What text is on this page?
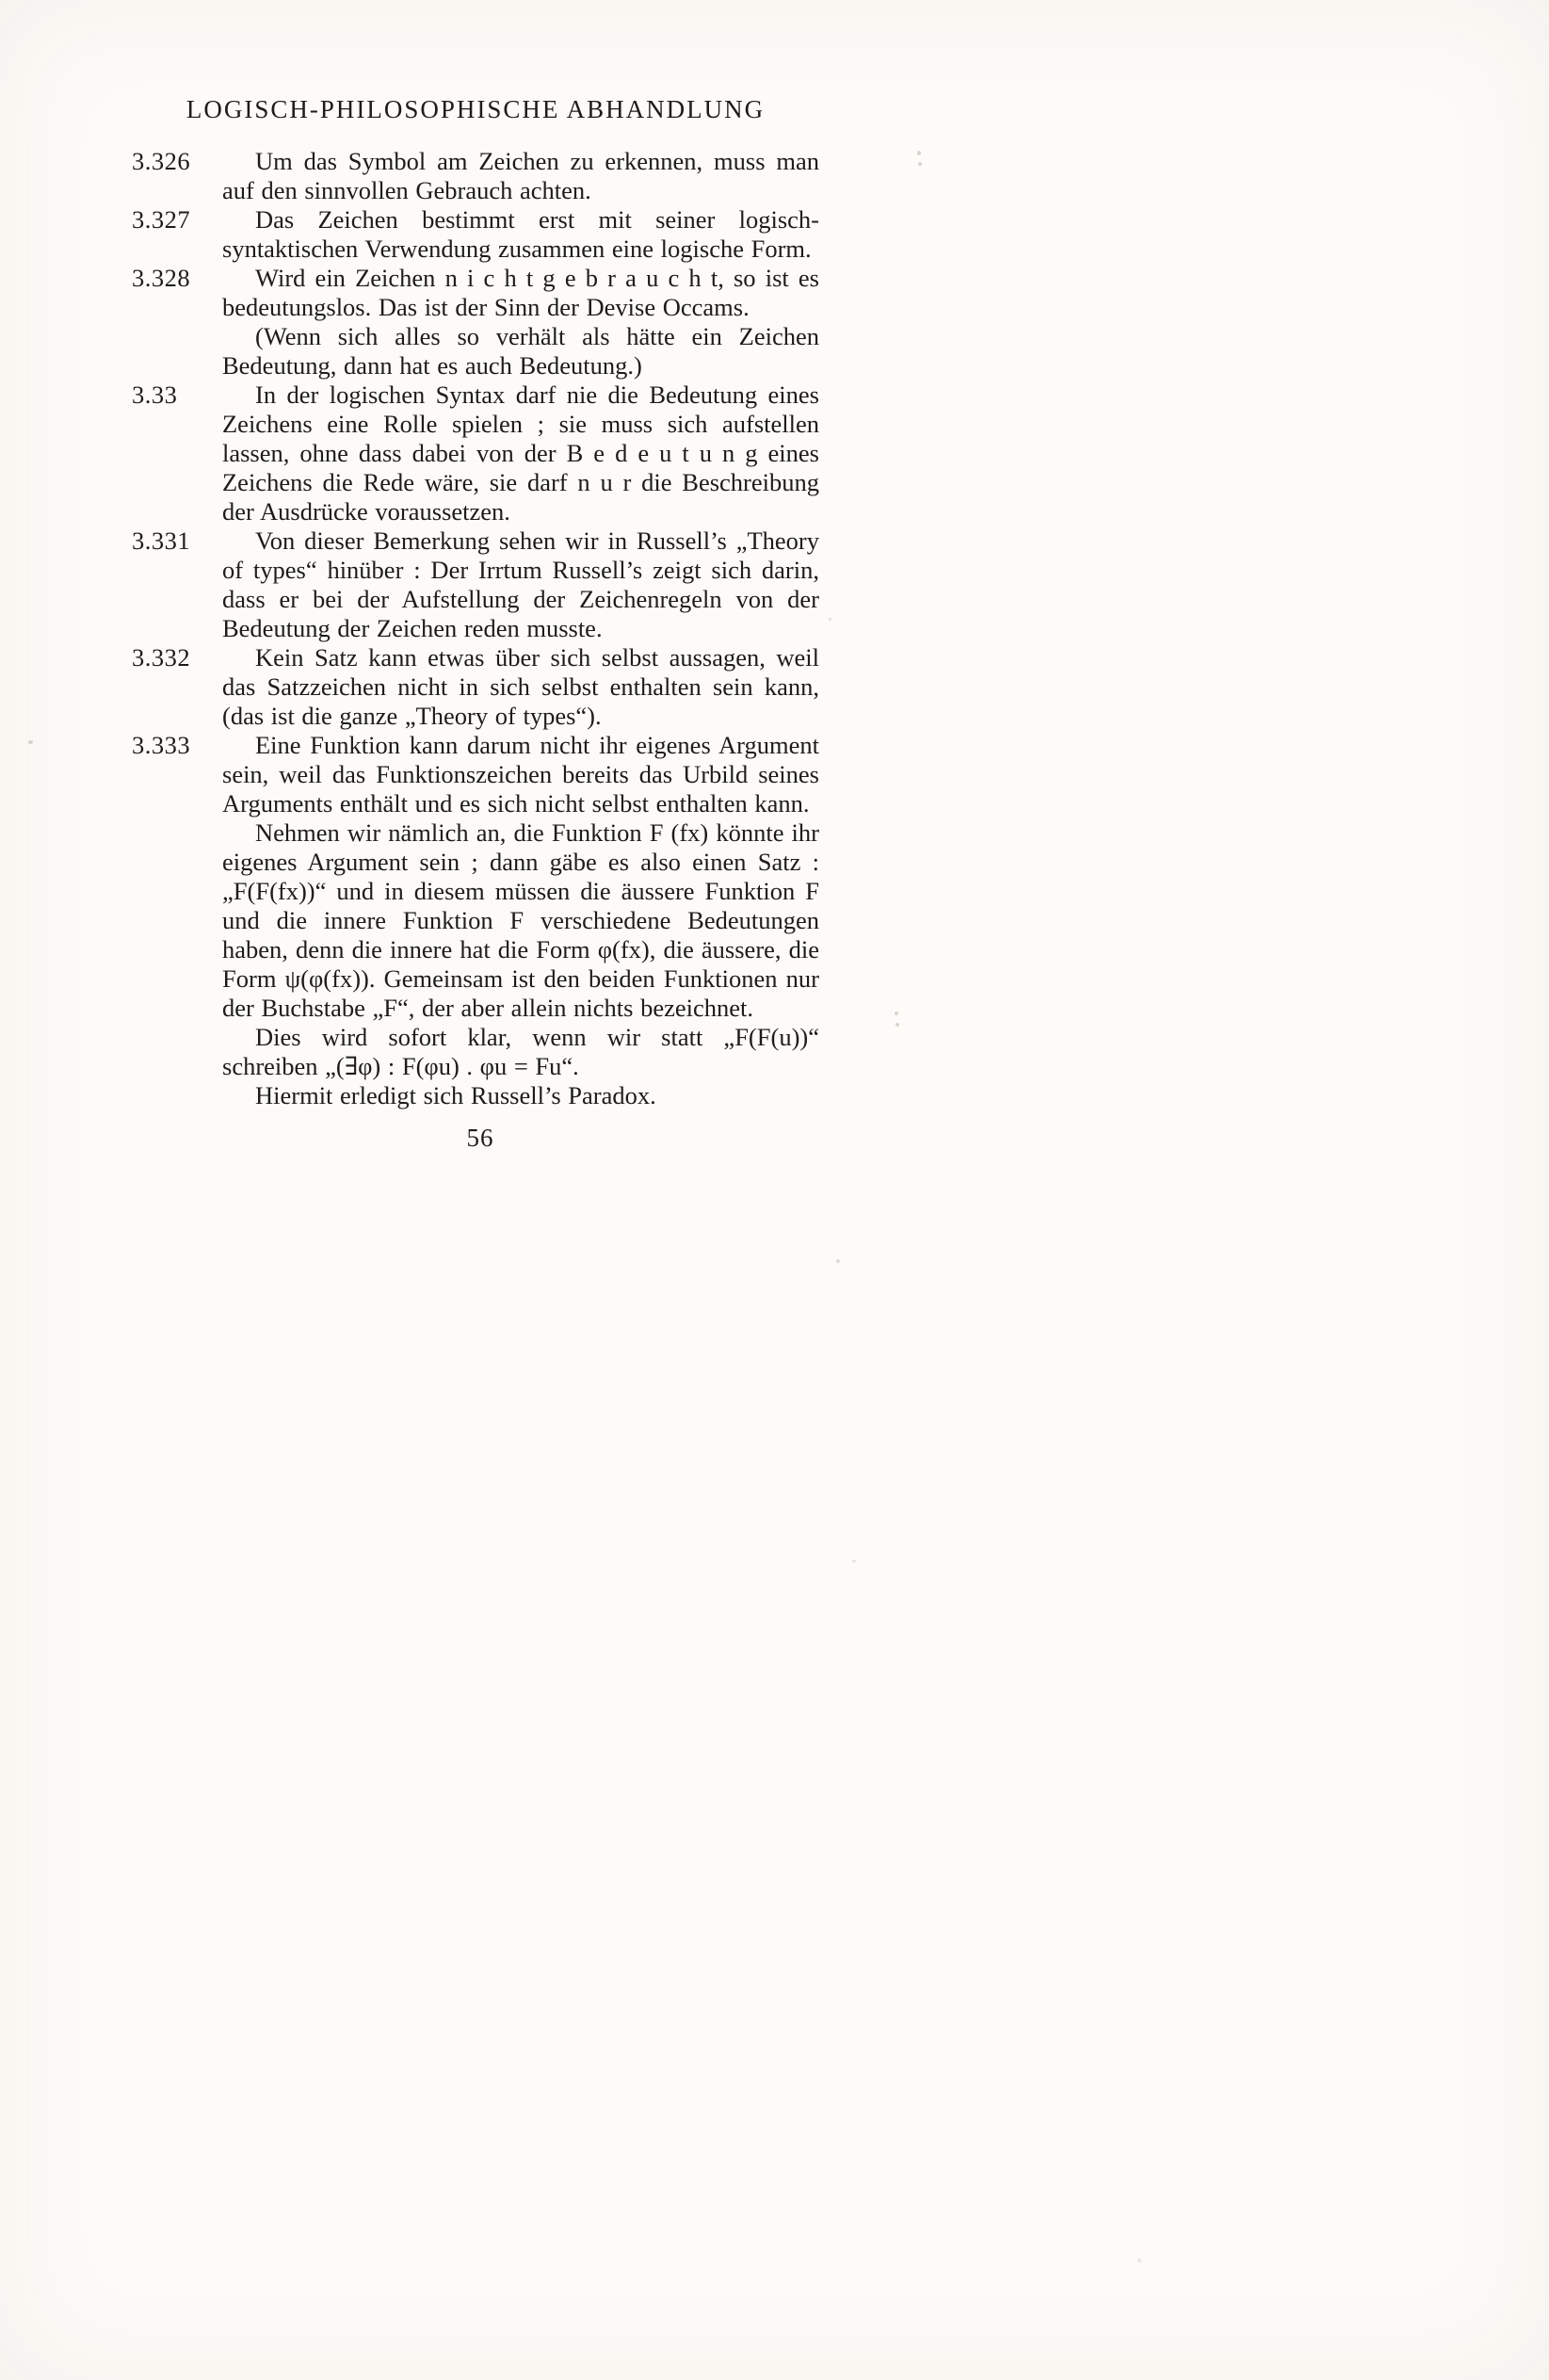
LOGISCH-PHILOSOPHISCHE ABHANDLUNG
3.326	Um das Symbol am Zeichen zu erkennen, muss man auf den sinnvollen Gebrauch achten.

3.327	Das Zeichen bestimmt erst mit seiner logisch-syntaktischen Verwendung zusammen eine logische Form.

3.328	Wird ein Zeichen n i c h t g e b r a u c h t, so ist es bedeutungslos. Das ist der Sinn der Devise Occams.

(Wenn sich alles so verhält als hätte ein Zeichen Bedeutung, dann hat es auch Bedeutung.)

3.33	In der logischen Syntax darf nie die Bedeutung eines Zeichens eine Rolle spielen ; sie muss sich aufstellen lassen, ohne dass dabei von der B e d e u t u n g eines Zeichens die Rede wäre, sie darf n u r die Beschreibung der Ausdrücke voraussetzen.

3.331	Von dieser Bemerkung sehen wir in Russell’s „Theory of types“ hinüber : Der Irrtum Russell’s zeigt sich darin, dass er bei der Aufstellung der Zeichenregeln von der Bedeutung der Zeichen reden musste.

3.332	Kein Satz kann etwas über sich selbst aussagen, weil das Satzzeichen nicht in sich selbst enthalten sein kann, (das ist die ganze „Theory of types“).

3.333	Eine Funktion kann darum nicht ihr eigenes Argument sein, weil das Funktionszeichen bereits das Urbild seines Arguments enthält und es sich nicht selbst enthalten kann.

Nehmen wir nämlich an, die Funktion F (fx) könnte ihr eigenes Argument sein ; dann gäbe es also einen Satz : „F(F(fx))“ und in diesem müssen die äussere Funktion F und die innere Funktion F verschiedene Bedeutungen haben, denn die innere hat die Form φ(fx), die äussere, die Form ψ(φ(fx)). Gemeinsam ist den beiden Funktionen nur der Buchstabe „F“, der aber allein nichts bezeichnet.

Dies wird sofort klar, wenn wir statt „F(F(u))“ schreiben „(∃φ) : F(φu) . φu = Fu“.

Hiermit erledigt sich Russell’s Paradox.

56
